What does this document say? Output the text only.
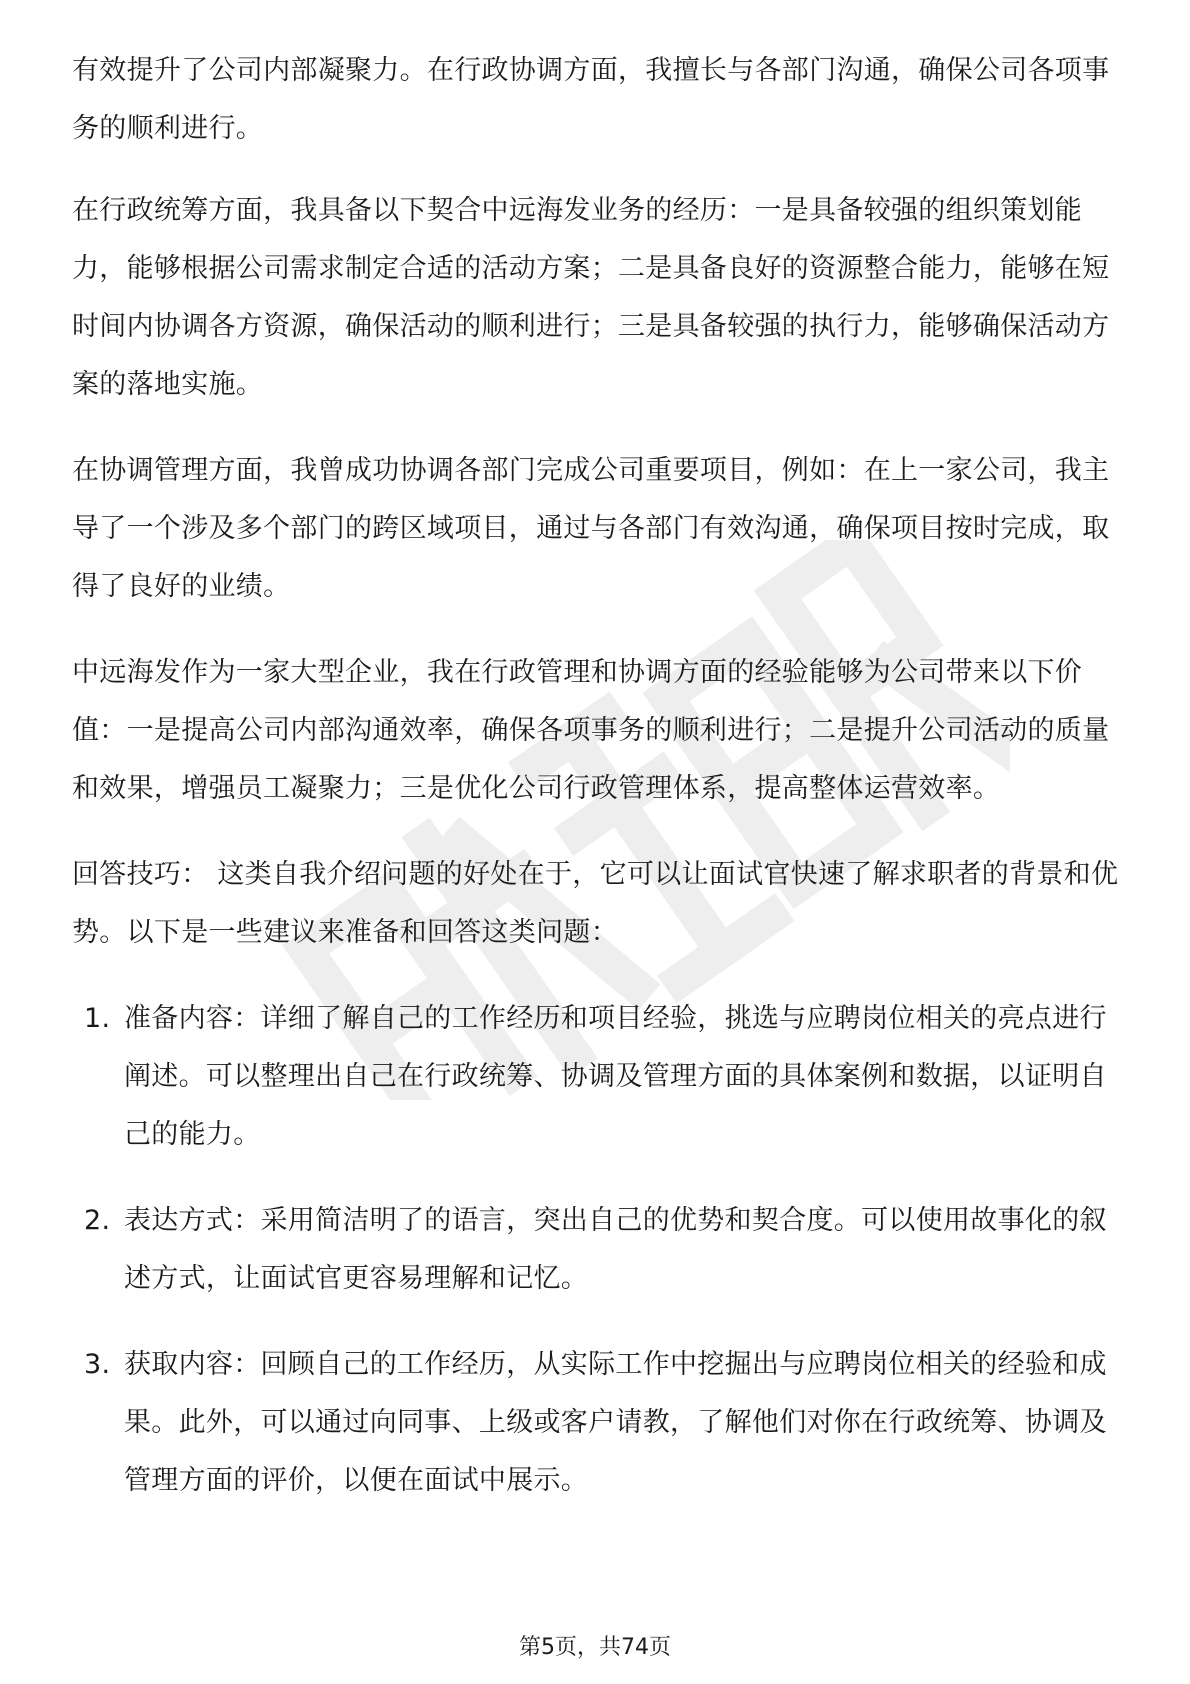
有效提升了公司内部凝聚力。在行政协调方面，我擅长与各部门沟通，确保公司各项事务的顺利进行。

在行政统筹方面，我具备以下契合中远海发业务的经历：一是具备较强的组织策划能力，能够根据公司需求制定合适的活动方案；二是具备良好的资源整合能力，能够在短时间内协调各方资源，确保活动的顺利进行；三是具备较强的执行力，能够确保活动方案的落地实施。

在协调管理方面，我曾成功协调各部门完成公司重要项目，例如：在上一家公司，我主导了一个涉及多个部门的跨区域项目，通过与各部门有效沟通，确保项目按时完成，取得了良好的业绩。

中远海发作为一家大型企业，我在行政管理和协调方面的经验能够为公司带来以下价值：一是提高公司内部沟通效率，确保各项事务的顺利进行；二是提升公司活动的质量和效果，增强员工凝聚力；三是优化公司行政管理体系，提高整体运营效率。

回答技巧： 这类自我介绍问题的好处在于，它可以让面试官快速了解求职者的背景和优势。以下是一些建议来准备和回答这类问题：

1. 准备内容：详细了解自己的工作经历和项目经验，挑选与应聘岗位相关的亮点进行阐述。可以整理出自己在行政统筹、协调及管理方面的具体案例和数据，以证明自己的能力。
2. 表达方式：采用简洁明了的语言，突出自己的优势和契合度。可以使用故事化的叙述方式，让面试官更容易理解和记忆。
3. 获取内容：回顾自己的工作经历，从实际工作中挖掘出与应聘岗位相关的经验和成果。此外，可以通过向同事、上级或客户请教，了解他们对你在行政统筹、协调及管理方面的评价，以便在面试中展示。
第5页，共74页
